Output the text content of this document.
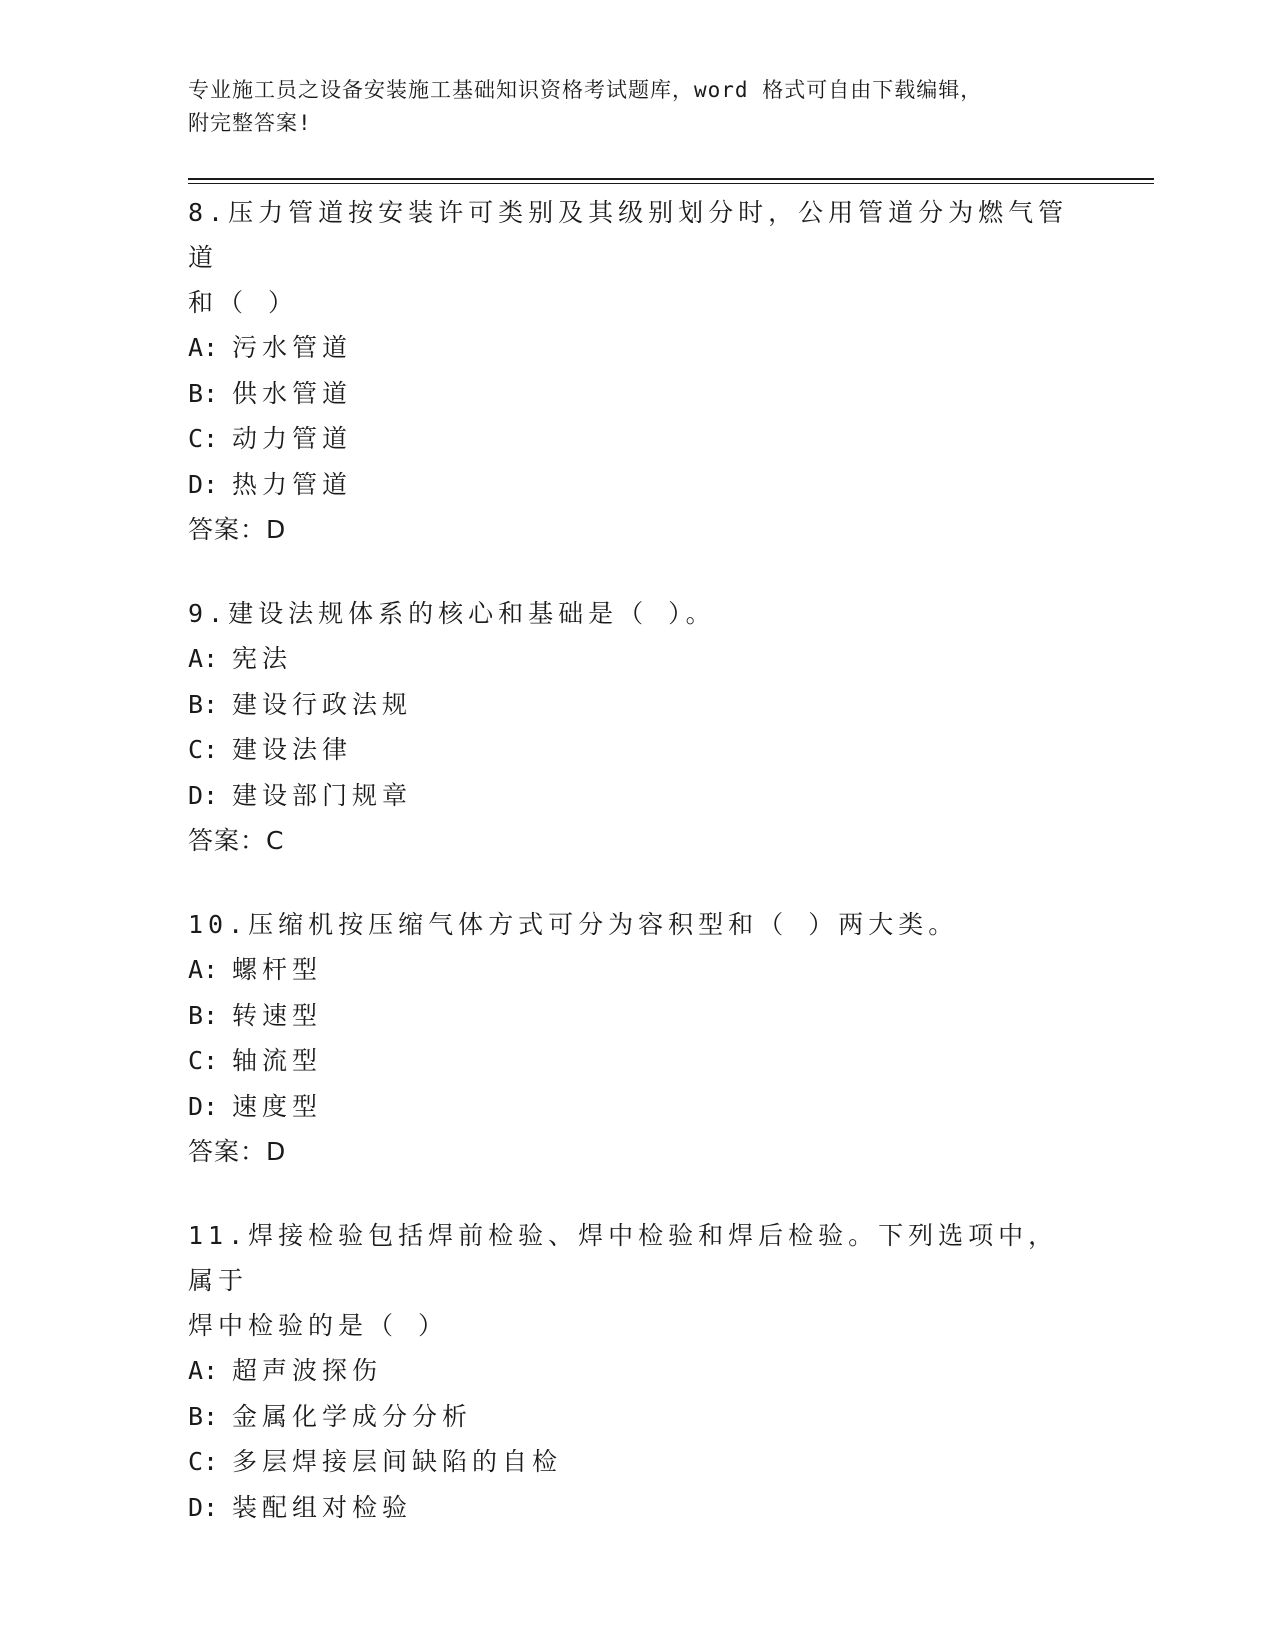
专业施工员之设备安装施工基础知识资格考试题库，word 格式可自由下载编辑，
附完整答案!
8.压力管道按安装许可类别及其级别划分时，公用管道分为燃气管道
和（ ）
A: 污水管道
B: 供水管道
C: 动力管道
D: 热力管道
答案：D
9.建设法规体系的核心和基础是（ ）。
A: 宪法
B: 建设行政法规
C: 建设法律
D: 建设部门规章
答案：C
10.压缩机按压缩气体方式可分为容积型和（ ）两大类。
A: 螺杆型
B: 转速型
C: 轴流型
D: 速度型
答案：D
11.焊接检验包括焊前检验、焊中检验和焊后检验。下列选项中，属于
焊中检验的是（ ）
A: 超声波探伤
B: 金属化学成分分析
C: 多层焊接层间缺陷的自检
D: 装配组对检验
